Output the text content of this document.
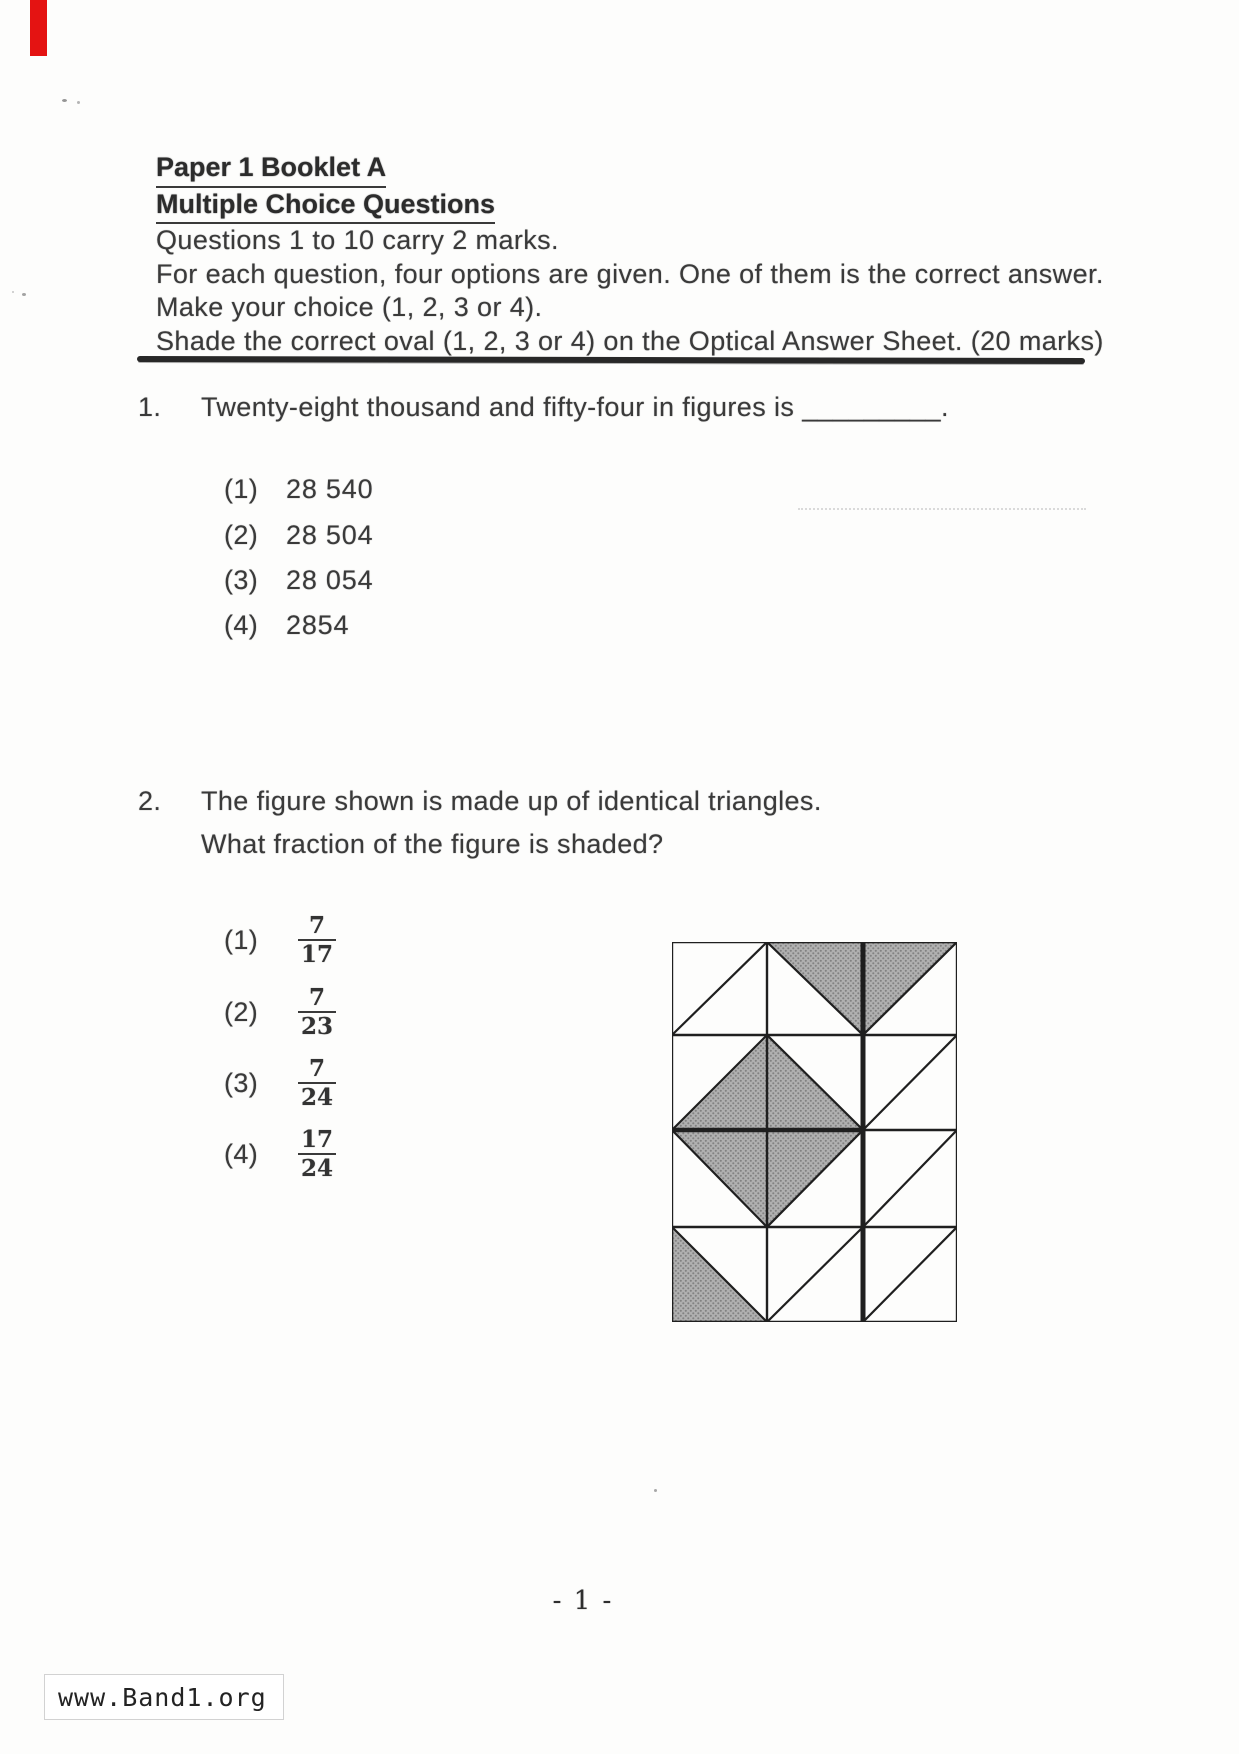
Paper 1 Booklet A
Multiple Choice Questions
Questions 1 to 10 carry 2 marks.
For each question, four options are given. One of them is the correct answer.
Make your choice (1, 2, 3 or 4).
Shade the correct oval (1, 2, 3 or 4) on the Optical Answer Sheet. (20 marks)
1. Twenty-eight thousand and fifty-four in figures is _________.
(1)	28 540
(2)	28 504
(3)	28 054
(4)	2854
2. The figure shown is made up of identical triangles.
What fraction of the figure is shaded?
(1)	$\frac{7}{17}$
(2)	$\frac{7}{23}$
(3)	$\frac{7}{24}$
(4)	$\frac{17}{24}$
- 1 -
www.Band1.org
